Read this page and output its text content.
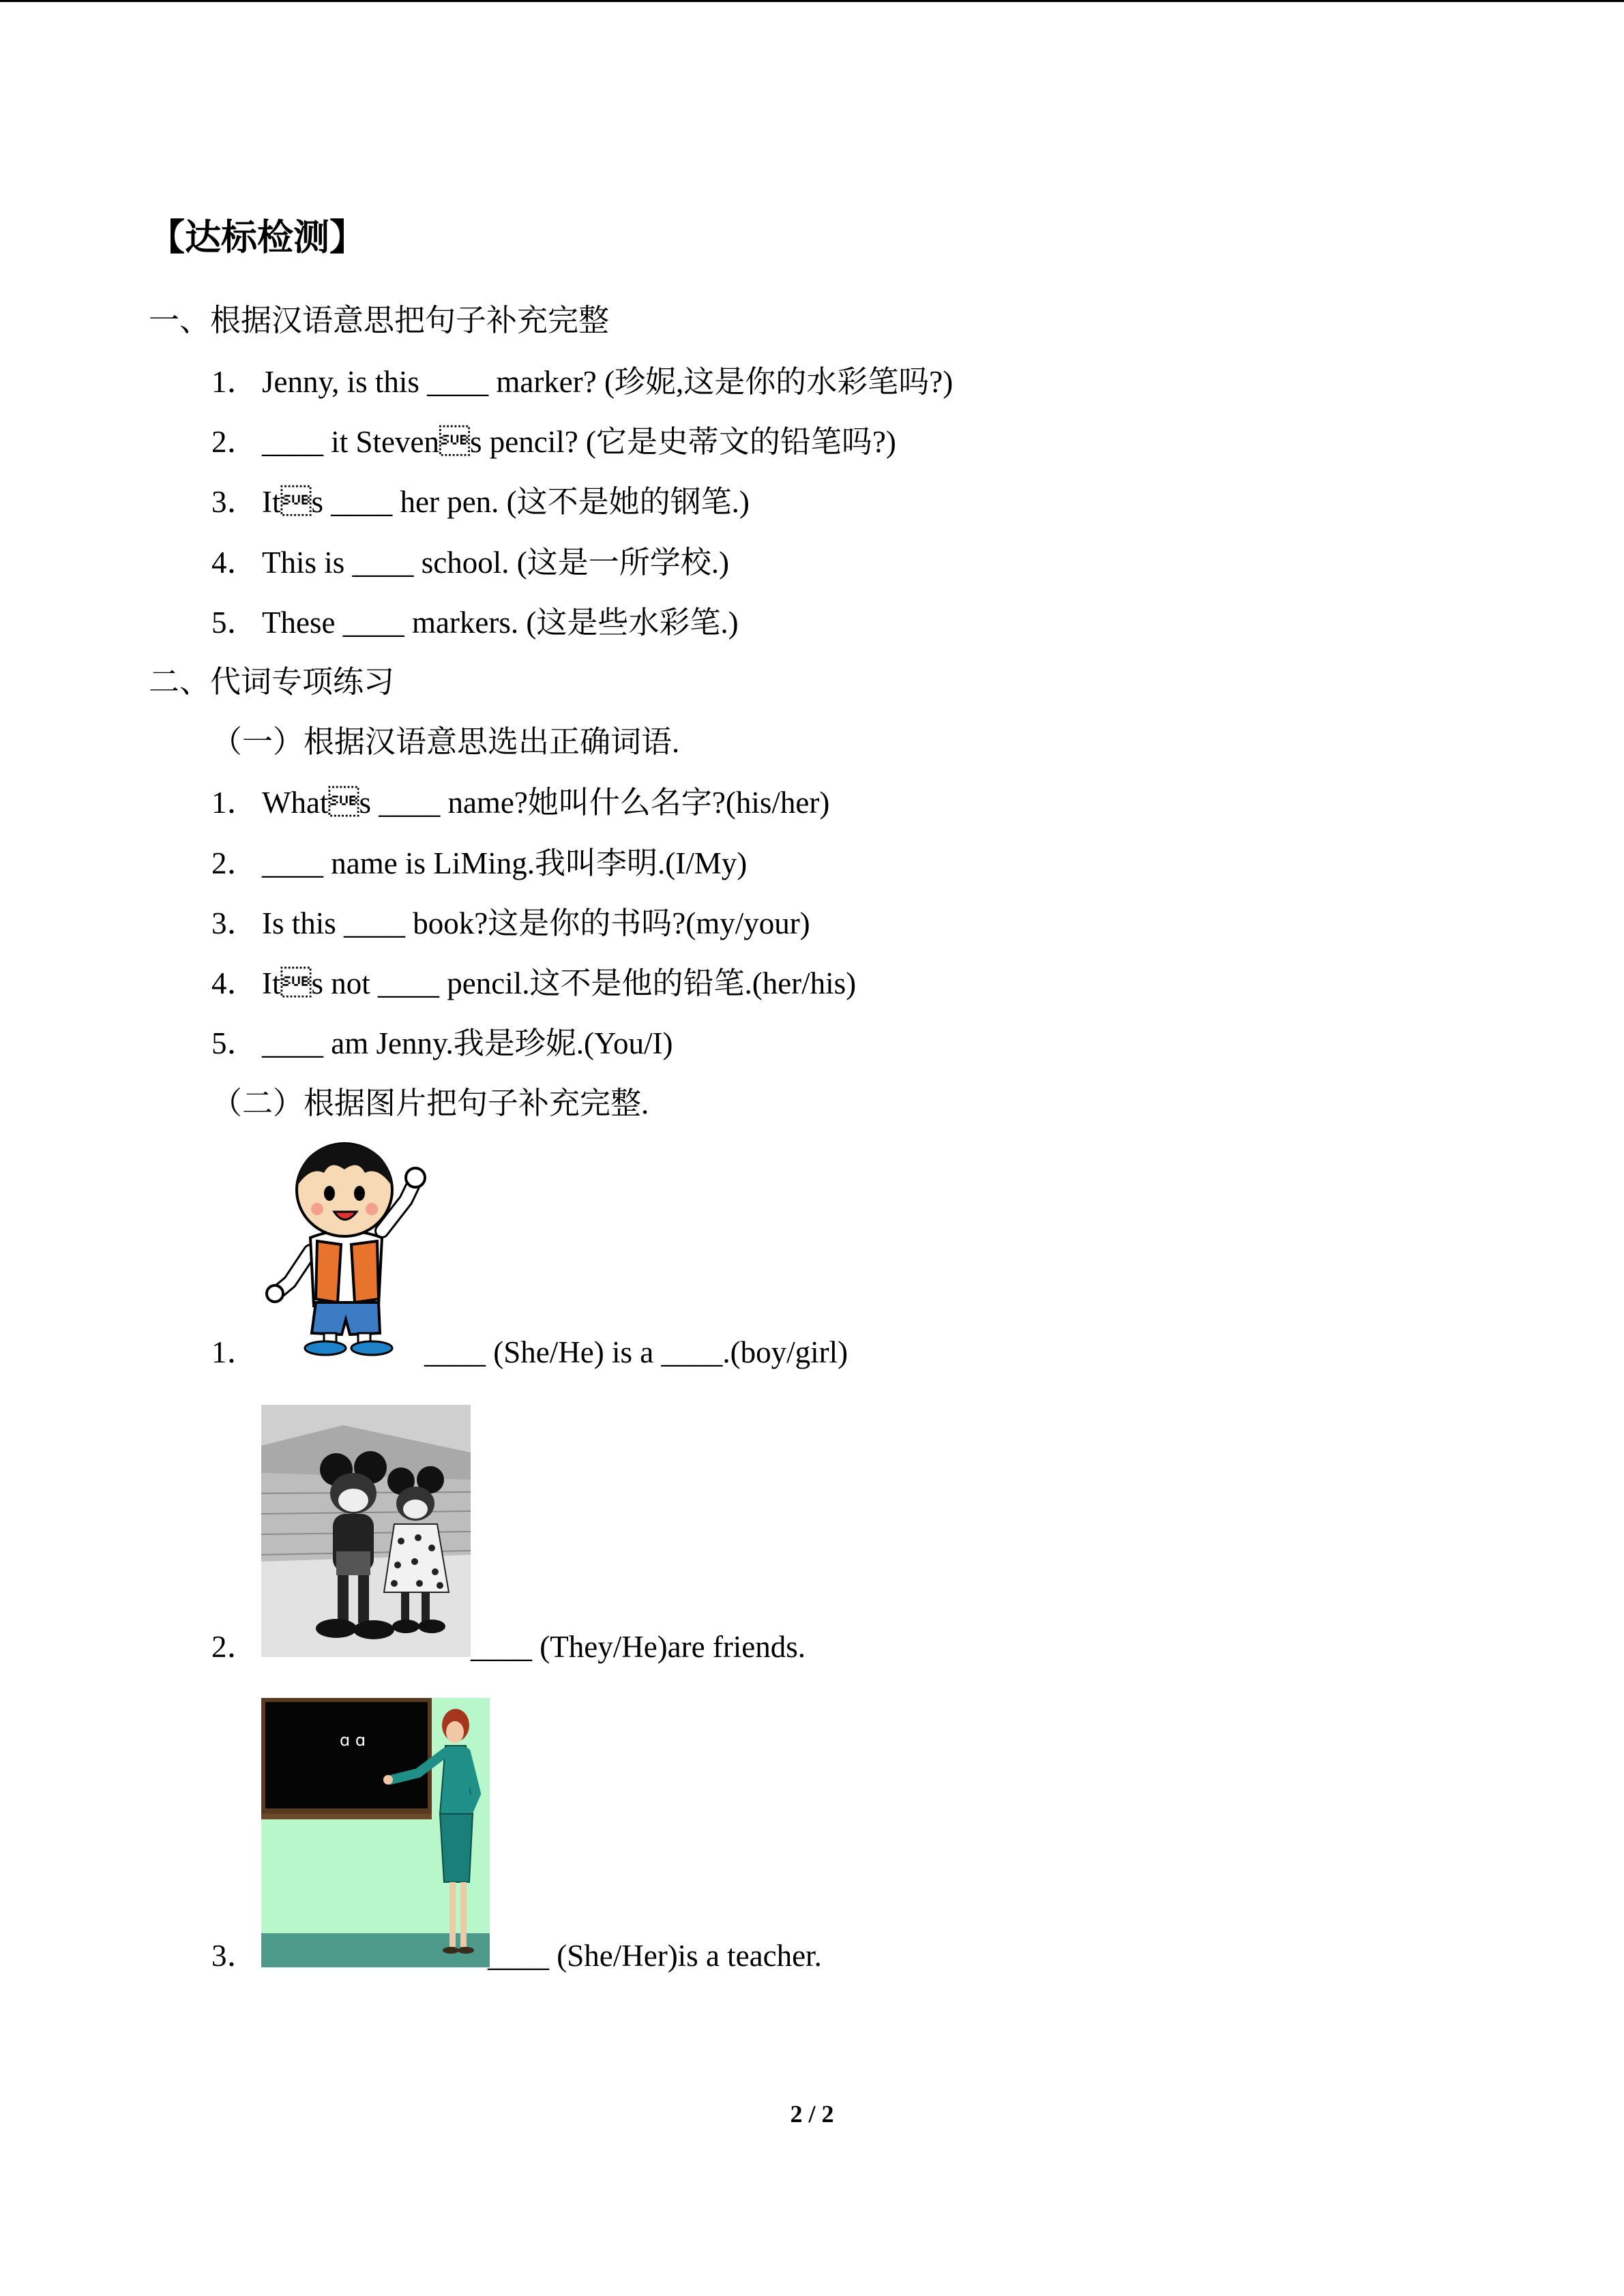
【达标检测】
一、根据汉语意思把句子补充完整
1． Jenny, is this ____ marker? (珍妮,这是你的水彩笔吗?)
2． ____ it Stevens pencil? (它是史蒂文的铅笔吗?)
3． Its ____ her pen. (这不是她的钢笔.)
4． This is ____ school. (这是一所学校.)
5． These ____ markers. (这是些水彩笔.)
二、代词专项练习
（一）根据汉语意思选出正确词语.
1． Whats ____ name?她叫什么名字?(his/her)
2． ____ name is LiMing.我叫李明.(I/My)
3． Is this ____ book?这是你的书吗?(my/your)
4． Its not ____ pencil.这不是他的铅笔.(her/his)
5． ____ am Jenny.我是珍妮.(You/I)
（二）根据图片把句子补充完整.
1．	____ (She/He) is a ____.(boy/girl)
2．	____ (They/He)are friends.
ɑ ɑ
3．	____ (She/Her)is a teacher.
2 / 2
